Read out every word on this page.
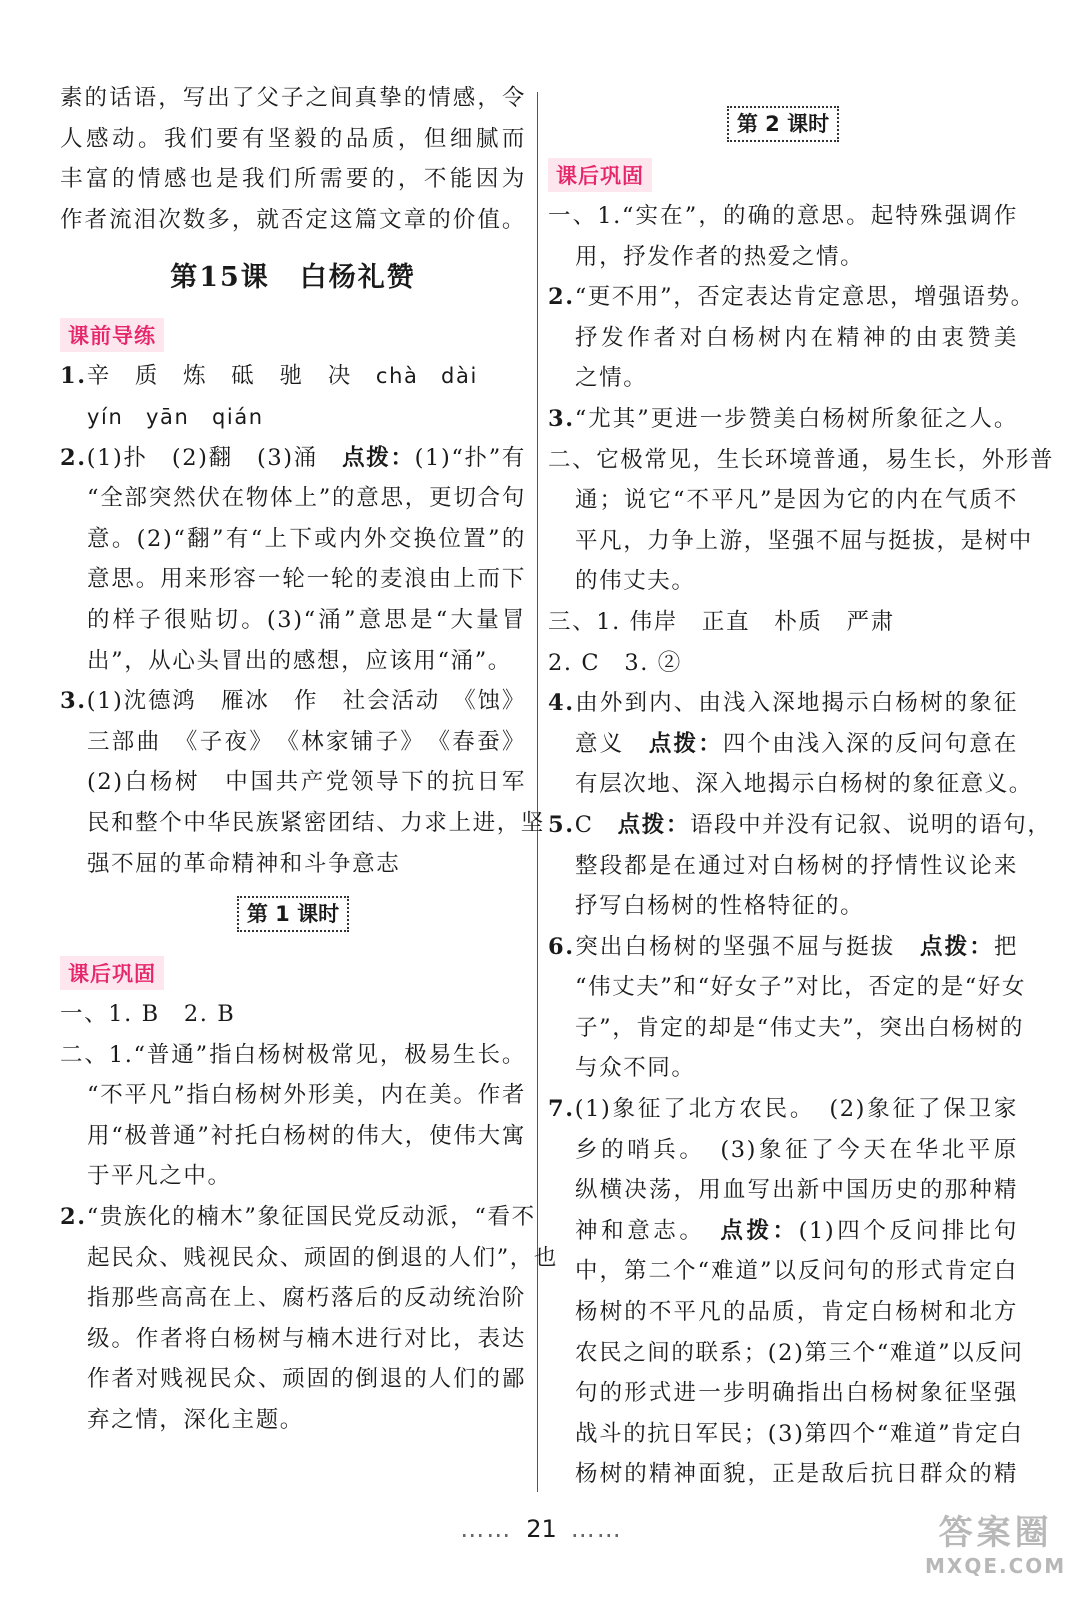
素的话语，写出了父子之间真挚的情感，令
人感动。我们要有坚毅的品质，但细腻而
丰富的情感也是我们所需要的，不能因为
作者流泪次数多，就否定这篇文章的价值。
第15课 白杨礼赞
课前导练
1.辛　质　炼　砥　驰　决　 chà　dài
yín　yān　qián
2.(1)扑　(2)翻　(3)涌　 点拨：(1)“扑”有
“全部突然伏在物体上”的意思，更切合句
意。(2)“翻”有“上下或内外交换位置”的
意思。用来形容一轮一轮的麦浪由上而下
的样子很贴切。(3)“涌”意思是“大量冒
出”，从心头冒出的感想，应该用“涌”。
3.(1)沈德鸿　雁冰　作　社会活动　《蚀》
三部曲　《子夜》　《林家铺子》　《春蚕》
(2)白杨树　中国共产党领导下的抗日军
民和整个中华民族紧密团结、力求上进，坚
强不屈的革命精神和斗争意志
第 1 课时
课后巩固
一、1. B　2. B
二、1.“普通”指白杨树极常见，极易生长。
“不平凡”指白杨树外形美，内在美。作者
用“极普通”衬托白杨树的伟大，使伟大寓
于平凡之中。
2.“贵族化的楠木”象征国民党反动派，“看不
起民众、贱视民众、顽固的倒退的人们”，也
指那些高高在上、腐朽落后的反动统治阶
级。作者将白杨树与楠木进行对比，表达
作者对贱视民众、顽固的倒退的人们的鄙
弃之情，深化主题。
第 2 课时
课后巩固
一、1.“实在”，的确的意思。起特殊强调作
用，抒发作者的热爱之情。
2.“更不用”，否定表达肯定意思，增强语势。
抒发作者对白杨树内在精神的由衷赞美
之情。
3.“尤其”更进一步赞美白杨树所象征之人。
二、它极常见，生长环境普通，易生长，外形普
通；说它“不平凡”是因为它的内在气质不
平凡，力争上游，坚强不屈与挺拔，是树中
的伟丈夫。
三、1. 伟岸　正直　朴质　严肃
2. C　3. ②
4.由外到内、由浅入深地揭示白杨树的象征
意义　点拨：四个由浅入深的反问句意在
有层次地、深入地揭示白杨树的象征意义。
5.C　点拨：语段中并没有记叙、说明的语句，
整段都是在通过对白杨树的抒情性议论来
抒写白杨树的性格特征的。
6.突出白杨树的坚强不屈与挺拔　点拨：把
“伟丈夫”和“好女子”对比，否定的是“好女
子”，肯定的却是“伟丈夫”，突出白杨树的
与众不同。
7.(1)象征了北方农民。　(2)象征了保卫家
乡的哨兵。　(3)象征了今天在华北平原
纵横决荡，用血写出新中国历史的那种精
神和意志。　点拨：(1)四个反问排比句
中，第二个“难道”以反问句的形式肯定白
杨树的不平凡的品质，肯定白杨树和北方
农民之间的联系；(2)第三个“难道”以反问
句的形式进一步明确指出白杨树象征坚强
战斗的抗日军民；(3)第四个“难道”肯定白
杨树的精神面貌，正是敌后抗日群众的精
…… 21 ……	答案圈
MXQE.COM
